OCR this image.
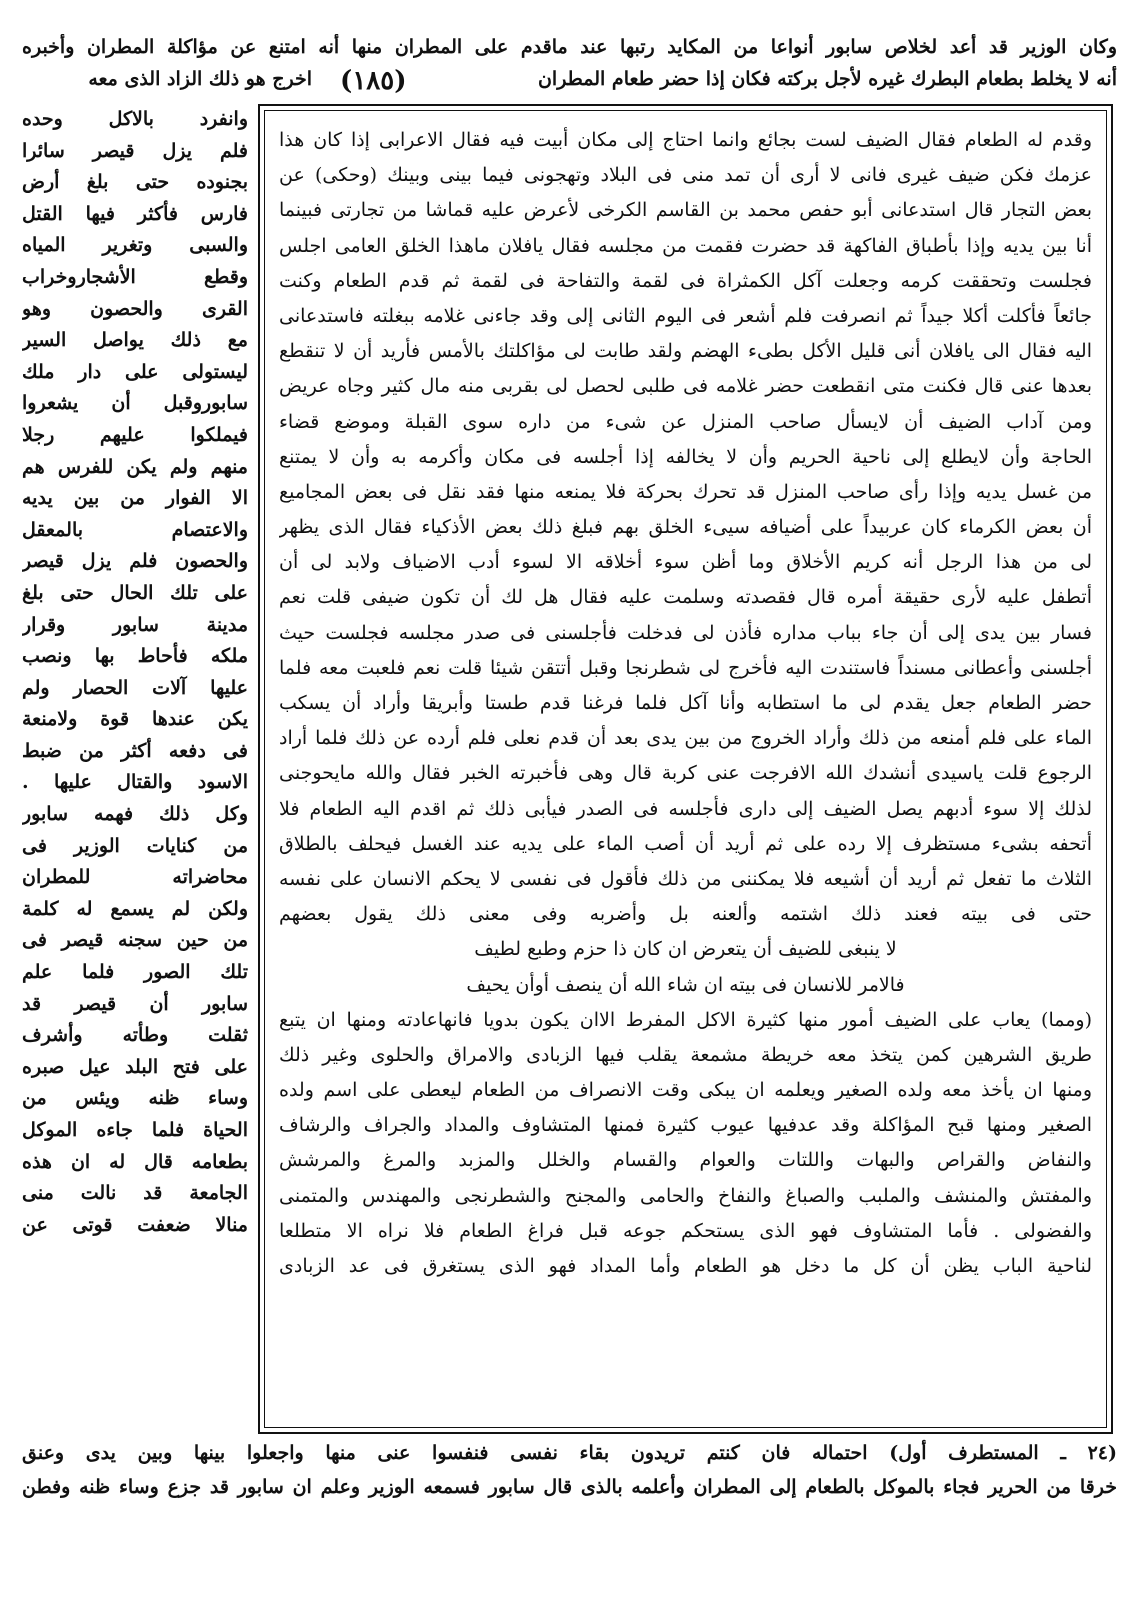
وكان الوزير قد أعد لخلاص سابور أنواعا من المكايد رتبها عند ماقدم على المطران منها أنه امتنع عن مؤاكلة المطران وأخبره
أنه لا يخلط بطعام البطرك غيره لأجل بركته فكان إذا حضر طعام المطران
(١٨٥)
اخرج هو ذلك الزاد الذى معه
وقدم له الطعام فقال الضيف لست بجائع وانما احتاج إلى مكان أبيت فيه فقال الاعرابى إذا كان هذا
عزمك فكن ضيف غيرى فانى لا أرى أن تمد منى فى البلاد وتهجونى فيما بينى وبينك (وحكى) عن
بعض التجار قال استدعانى أبو حفص محمد بن القاسم الكرخى لأعرض عليه قماشا من تجارتى فبينما
أنا بين يديه وإذا بأطباق الفاكهة قد حضرت فقمت من مجلسه فقال يافلان ماهذا الخلق العامى اجلس
فجلست وتحققت كرمه وجعلت آكل الكمثراة فى لقمة والتفاحة فى لقمة ثم قدم الطعام وكنت
جائعاً فأكلت أكلا جيداً ثم انصرفت فلم أشعر فى اليوم الثانى إلى وقد جاءنى غلامه ببغلته فاستدعانى
اليه فقال الى يافلان أنى قليل الأكل بطىء الهضم ولقد طابت لى مؤاكلتك بالأمس فأريد أن لا تنقطع
بعدها عنى قال فكنت متى انقطعت حضر غلامه فى طلبى لحصل لى بقربى منه مال كثير وجاه عريض
ومن آداب الضيف أن لايسأل صاحب المنزل عن شىء من داره سوى القبلة وموضع قضاء
الحاجة وأن لايطلع إلى ناحية الحريم وأن لا يخالفه إذا أجلسه فى مكان وأكرمه به وأن لا يمتنع
من غسل يديه وإذا رأى صاحب المنزل قد تحرك بحركة فلا يمنعه منها فقد نقل فى بعض المجاميع
أن بعض الكرماء كان عربيداً على أضيافه سيىء الخلق بهم فبلغ ذلك بعض الأذكياء فقال الذى يظهر
لى من هذا الرجل أنه كريم الأخلاق وما أظن سوء أخلاقه الا لسوء أدب الاضياف ولابد لى أن
أتطفل عليه لأرى حقيقة أمره قال فقصدته وسلمت عليه فقال هل لك أن تكون ضيفى قلت نعم
فسار بين يدى إلى أن جاء بباب مداره فأذن لى فدخلت فأجلسنى فى صدر مجلسه فجلست حيث
أجلسنى وأعطانى مسنداً فاستندت اليه فأخرج لى شطرنجا وقبل أتتقن شيئا قلت نعم فلعبت معه فلما
حضر الطعام جعل يقدم لى ما استطابه وأنا آكل فلما فرغنا قدم طستا وأبريقا وأراد أن يسكب
الماء على فلم أمنعه من ذلك وأراد الخروج من بين يدى بعد أن قدم نعلى فلم أرده عن ذلك فلما أراد
الرجوع قلت ياسيدى أنشدك الله الافرجت عنى كربة قال وهى فأخبرته الخبر فقال والله مايحوجنى
لذلك إلا سوء أدبهم يصل الضيف إلى دارى فأجلسه فى الصدر فيأبى ذلك ثم اقدم اليه الطعام فلا
أتحفه بشىء مستظرف إلا رده على ثم أريد أن أصب الماء على يديه عند الغسل فيحلف بالطلاق
الثلاث ما تفعل ثم أريد أن أشيعه فلا يمكننى من ذلك فأقول فى نفسى لا يحكم الانسان على نفسه
حتى فى بيته فعند ذلك اشتمه وألعنه بل وأضربه وفى معنى ذلك يقول بعضهم
لا ينبغى للضيف أن يتعرض ان كان ذا حزم وطبع لطيف
فالامر للانسان فى بيته ان شاء الله أن ينصف أوأن يحيف
(ومما) يعاب على الضيف أمور منها كثيرة الاكل المفرط الاان يكون بدويا فانهاعادته ومنها ان يتبع
طريق الشرهين كمن يتخذ معه خريطة مشمعة يقلب فيها الزبادى والامراق والحلوى وغير ذلك
ومنها ان يأخذ معه ولده الصغير ويعلمه ان يبكى وقت الانصراف من الطعام ليعطى على اسم ولده
الصغير ومنها قبح المؤاكلة وقد عدفيها عيوب كثيرة فمنها المتشاوف والمداد والجراف والرشاف
والنفاض والقراص والبهات واللتات والعوام والقسام والخلل والمزبد والمرغ والمرشش
والمفتش والمنشف والملبب والصباغ والنفاخ والحامى والمجنح والشطرنجى والمهندس والمتمنى
والفضولى . فأما المتشاوف فهو الذى يستحكم جوعه قبل فراغ الطعام فلا نراه الا متطلعا
لناحية الباب يظن أن كل ما دخل هو الطعام وأما المداد فهو الذى يستغرق فى عد الزبادى
وانفرد بالاكل وحده
فلم يزل قيصر سائرا
بجنوده حتى بلغ أرض
فارس فأكثر فيها القتل
والسبى وتغرير المياه
وقطع الأشجاروخراب
القرى والحصون وهو
مع ذلك يواصل السير
ليستولى على دار ملك
سابوروقبل أن يشعروا
فيملكوا عليهم رجلا
منهم ولم يكن للفرس هم
الا الفوار من بين يديه
والاعتصام بالمعقل
والحصون فلم يزل قيصر
على تلك الحال حتى بلغ
مدينة سابور وقرار
ملكه فأحاط بها ونصب
عليها آلات الحصار ولم
يكن عندها قوة ولامنعة
فى دفعه أكثر من ضبط
الاسود والقتال عليها .
وكل ذلك فهمه سابور
من كنايات الوزير فى
محاضراته للمطران
ولكن لم يسمع له كلمة
من حين سجنه قيصر فى
تلك الصور فلما علم
سابور أن قيصر قد
ثقلت وطأته وأشرف
على فتح البلد عيل صبره
وساء ظنه ويئس من
الحياة فلما جاءه الموكل
بطعامه قال له ان هذه
الجامعة قد نالت منى
منالا ضعفت قوتى عن
(٢٤ ـ المستطرف أول) احتماله فان كنتم تريدون بقاء نفسى فنفسوا عنى منها واجعلوا بينها وبين يدى وعنق
خرقا من الحرير فجاء بالموكل بالطعام إلى المطران وأعلمه بالذى قال سابور فسمعه الوزير وعلم ان سابور قد جزع وساء ظنه وفطن
